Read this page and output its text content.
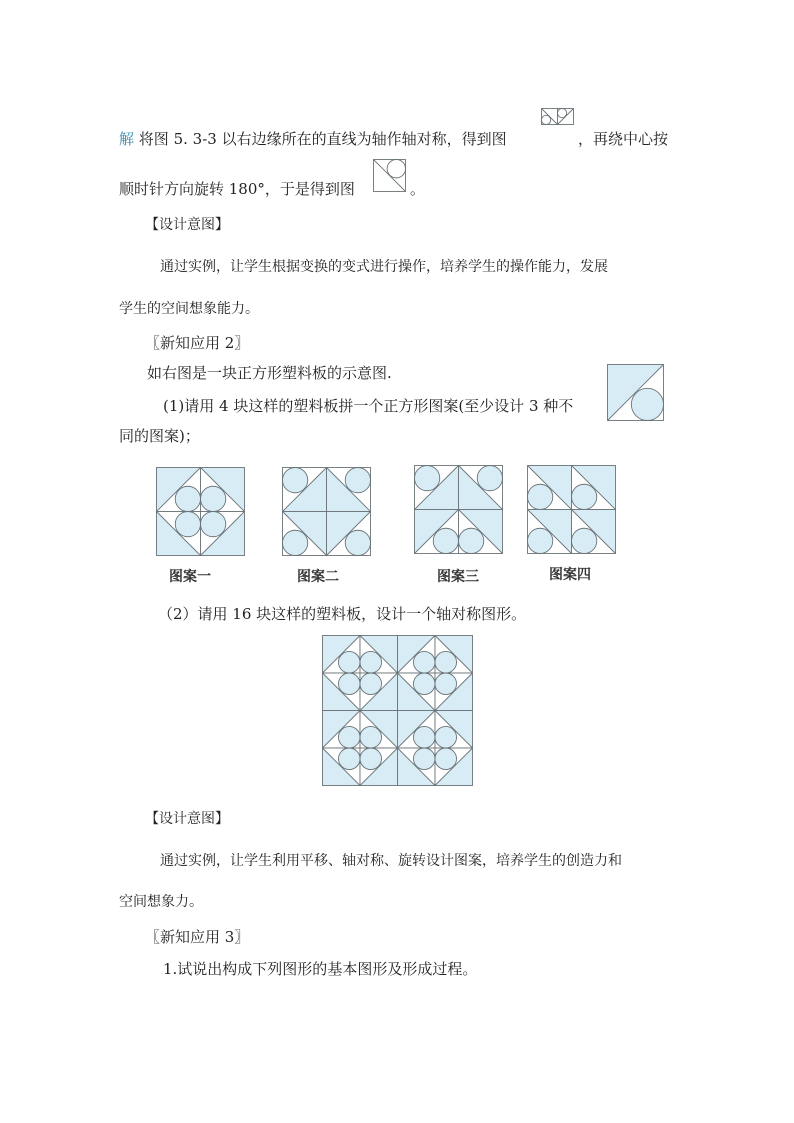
解 将图 5. 3-3 以右边缘所在的直线为轴作轴对称，得到图	，再绕中心按
顺时针方向旋转 180°，于是得到图	。
【设计意图】
通过实例，让学生根据变换的变式进行操作，培养学生的操作能力，发展
学生的空间想象能力。
〖新知应用 2〗
如右图是一块正方形塑料板的示意图.
(1)请用 4 块这样的塑料板拼一个正方形图案(至少设计 3 种不
同的图案)；
图案一	图案二	图案三	图案四
（2）请用 16 块这样的塑料板，设计一个轴对称图形。
【设计意图】
通过实例，让学生利用平移、轴对称、旋转设计图案，培养学生的创造力和
空间想象力。
〖新知应用 3〗
1.试说出构成下列图形的基本图形及形成过程。
